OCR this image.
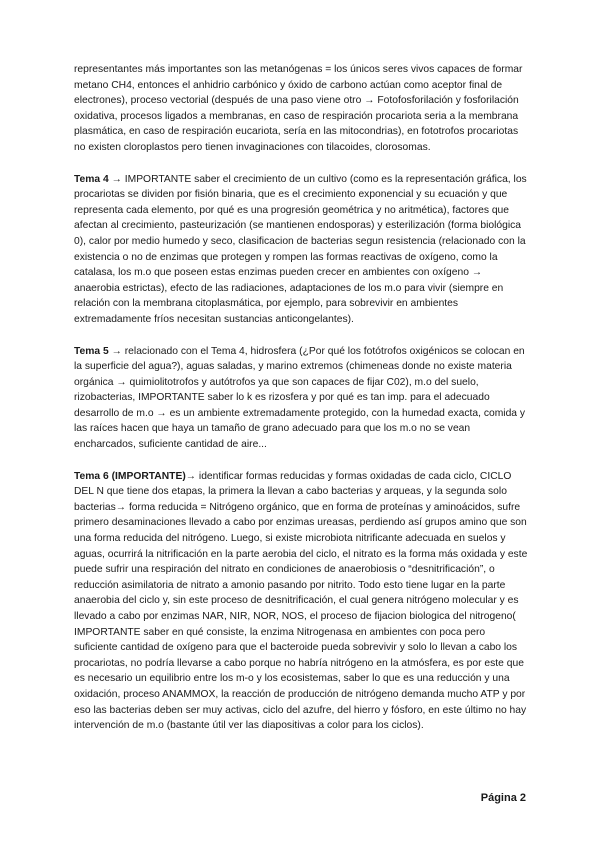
representantes más importantes son las metanógenas = los únicos seres vivos capaces de formar metano CH4, entonces el anhidrio carbónico y óxido de carbono actúan como aceptor final de electrones), proceso vectorial (después de una paso viene otro → Fotofosforilación y fosforilación oxidativa, procesos ligados a membranas, en caso de respiración procariota seria a la membrana plasmática, en caso de respiración eucariota, sería en las mitocondrias), en fototrofos procariotas no existen cloroplastos pero tienen invaginaciones con tilacoides, clorosomas.

Tema 4 → IMPORTANTE saber el crecimiento de un cultivo (como es la representación gráfica, los procariotas se dividen por fisión binaria, que es el crecimiento exponencial y su ecuación y que representa cada elemento, por qué es una progresión geométrica y no aritmética), factores que afectan al crecimiento, pasteurización (se mantienen endosporas) y esterilización (forma biológica 0), calor por medio humedo y seco, clasificacion de bacterias segun resistencia (relacionado con la existencia o no de enzimas que protegen y rompen las formas reactivas de oxígeno, como la catalasa, los m.o que poseen estas enzimas pueden crecer en ambientes con oxígeno → anaerobia estrictas), efecto de las radiaciones, adaptaciones de los m.o para vivir (siempre en relación con la membrana citoplasmática, por ejemplo, para sobrevivir en ambientes extremadamente fríos necesitan sustancias anticongelantes).

Tema 5 → relacionado con el Tema 4, hidrosfera (¿Por qué los fotótrofos oxigénicos se colocan en la superficie del agua?), aguas saladas, y marino extremos (chimeneas donde no existe materia orgánica → quimiolitotrofos y autótrofos ya que son capaces de fijar C02), m.o del suelo, rizobacterias, IMPORTANTE saber lo k es rizosfera y por qué es tan imp. para el adecuado desarrollo de m.o → es un ambiente extremadamente protegido, con la humedad exacta, comida y las raíces hacen que haya un tamaño de grano adecuado para que los m.o no se vean encharcados, suficiente cantidad de aire...

Tema 6 (IMPORTANTE)→ identificar formas reducidas y formas oxidadas de cada ciclo, CICLO DEL N que tiene dos etapas, la primera la llevan a cabo bacterias y arqueas, y la segunda solo bacterias→ forma reducida = Nitrógeno orgánico, que en forma de proteínas y aminoácidos, sufre primero desaminaciones llevado a cabo por enzimas ureasas, perdiendo así grupos amino que son una forma reducida del nitrógeno. Luego, si existe microbiota nitrificante adecuada en suelos y aguas, ocurrirá la nitrificación en la parte aerobia del ciclo, el nitrato es la forma más oxidada y este puede sufrir una respiración del nitrato en condiciones de anaerobiosis o “desnitrificación”, o reducción asimilatoria de nitrato a amonio pasando por nitrito. Todo esto tiene lugar en la parte anaerobia del ciclo y, sin este proceso de desnitrificación, el cual genera nitrógeno molecular y es llevado a cabo por enzimas NAR, NIR, NOR, NOS, el proceso de fijacion biologica del nitrogeno( IMPORTANTE saber en qué consiste, la enzima Nitrogenasa en ambientes con poca pero suficiente cantidad de oxígeno para que el bacteroide pueda sobrevivir y solo lo llevan a cabo los procariotas, no podría llevarse a cabo porque no habría nitrógeno en la atmósfera, es por este que es necesario un equilibrio entre los m-o y los ecosistemas, saber lo que es una reducción y una oxidación, proceso ANAMMOX, la reacción de producción de nitrógeno demanda mucho ATP y por eso las bacterias deben ser muy activas, ciclo del azufre, del hierro y fósforo, en este último no hay intervención de m.o (bastante útil ver las diapositivas a color para los ciclos).

Página 2
